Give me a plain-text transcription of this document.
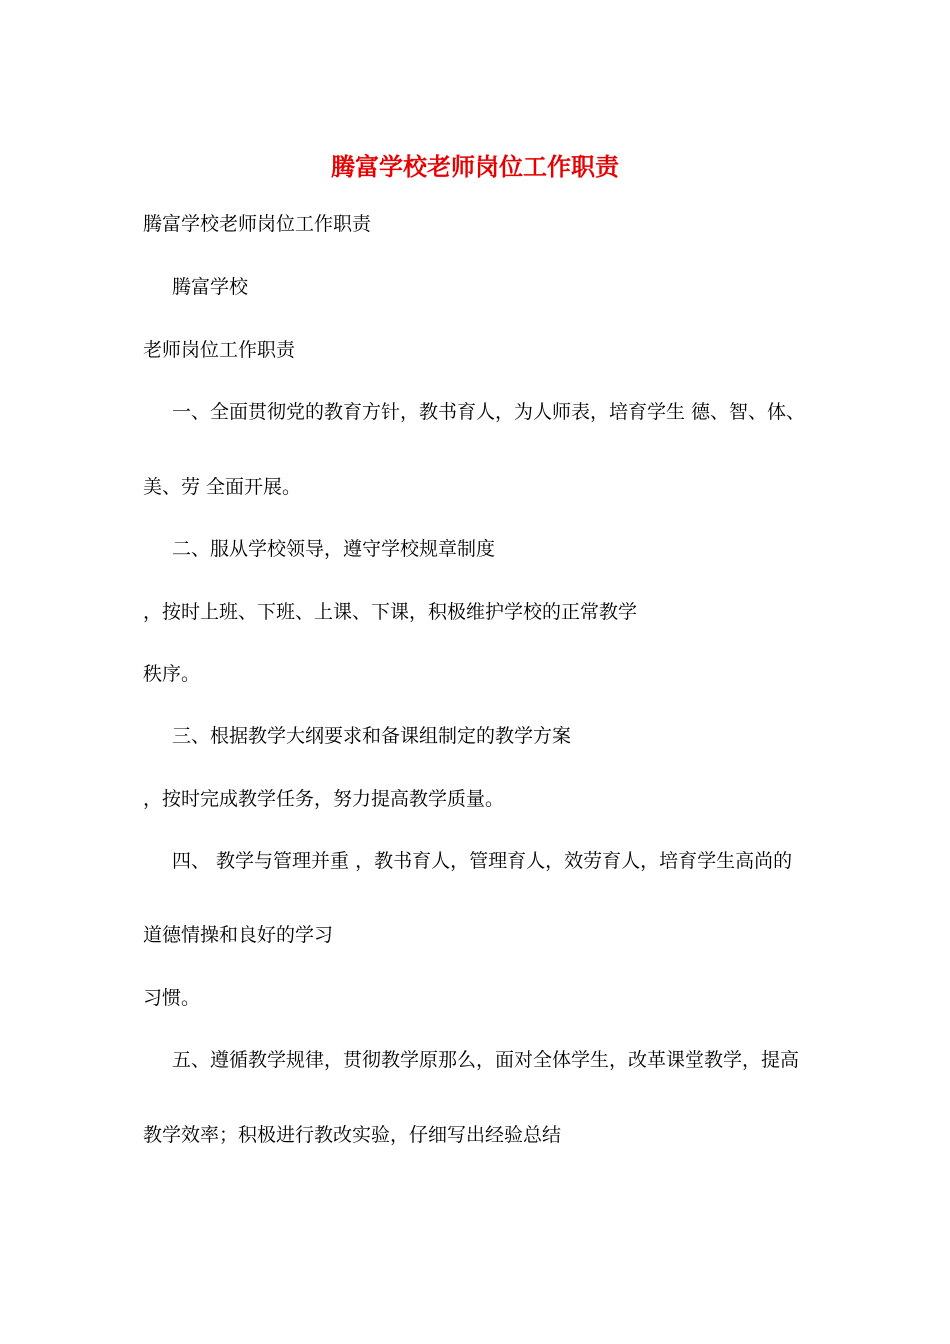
腾富学校老师岗位工作职责
腾富学校老师岗位工作职责
腾富学校
老师岗位工作职责
一、全面贯彻党的教育方针，教书育人，为人师表，培育学生 德、智、体、
美、劳 全面开展。
二、服从学校领导，遵守学校规章制度
，按时上班、下班、上课、下课，积极维护学校的正常教学
秩序。
三、根据教学大纲要求和备课组制定的教学方案
，按时完成教学任务，努力提高教学质量。
四、 教学与管理并重 ，教书育人，管理育人，效劳育人，培育学生高尚的
道德情操和良好的学习
习惯。
五、遵循教学规律，贯彻教学原那么，面对全体学生，改革课堂教学，提高
教学效率；积极进行教改实验，仔细写出经验总结
